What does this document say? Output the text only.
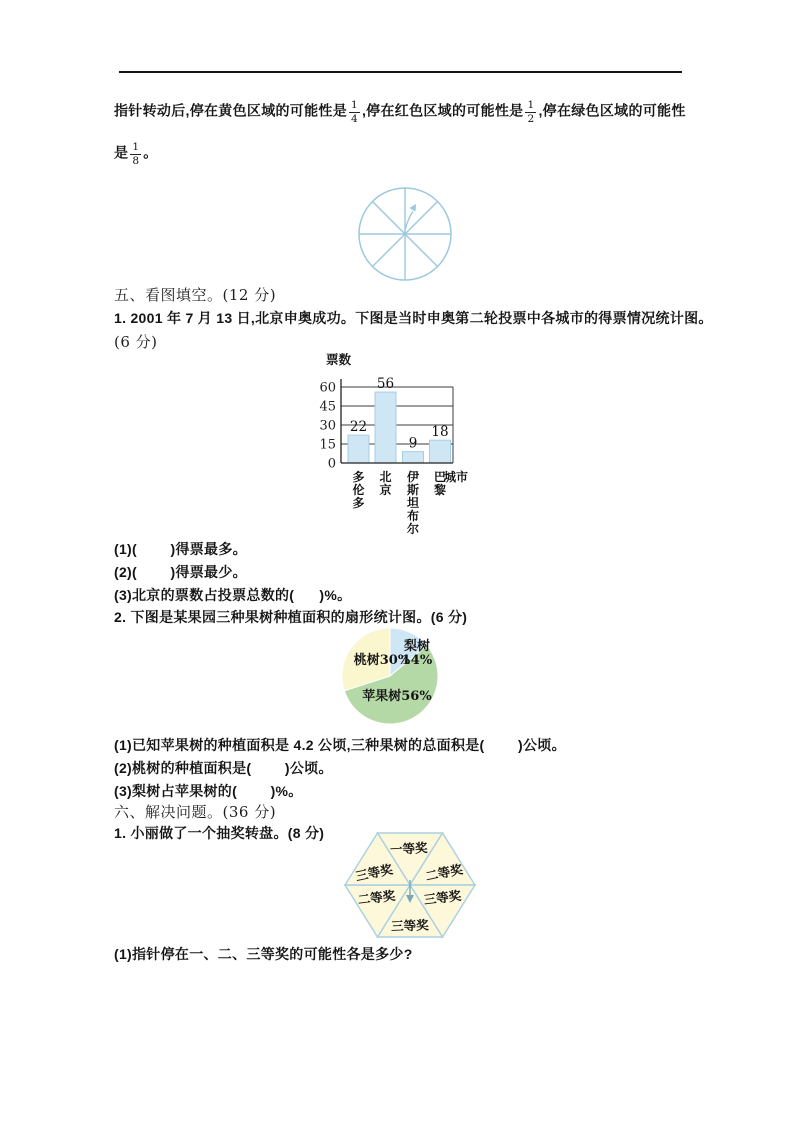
指针转动后,停在黄色区域的可能性是 $\frac{1}{4}$ ,停在红色区域的可能性是 $\frac{1}{2}$ ,停在绿色区域的可能性
是 $\frac{1}{8}$ 。
五、看图填空。(12 分)
1. 2001 年 7 月 13 日,北京申奥成功。下图是当时申奥第二轮投票中各城市的得票情况统计图。
(6 分)
0
15
30
45
60
22
56
9
18
票数
城市
多伦多
北京
伊斯坦布尔
巴黎
(1)(        )得票最多。
(2)(        )得票最少。
(3)北京的票数占投票总数的(      )%。
2. 下图是某果园三种果树种植面积的扇形统计图。(6 分)
梨树
14%
苹果树56%
桃树30%
(1)已知苹果树的种植面积是 4.2 公顷,三种果树的总面积是(        )公顷。
(2)桃树的种植面积是(        )公顷。
(3)梨树占苹果树的(        )%。
六、解决问题。(36 分)
1. 小丽做了一个抽奖转盘。(8 分)
一等奖
二等奖
三等奖
三等奖
二等奖
三等奖
(1)指针停在一、二、三等奖的可能性各是多少?
